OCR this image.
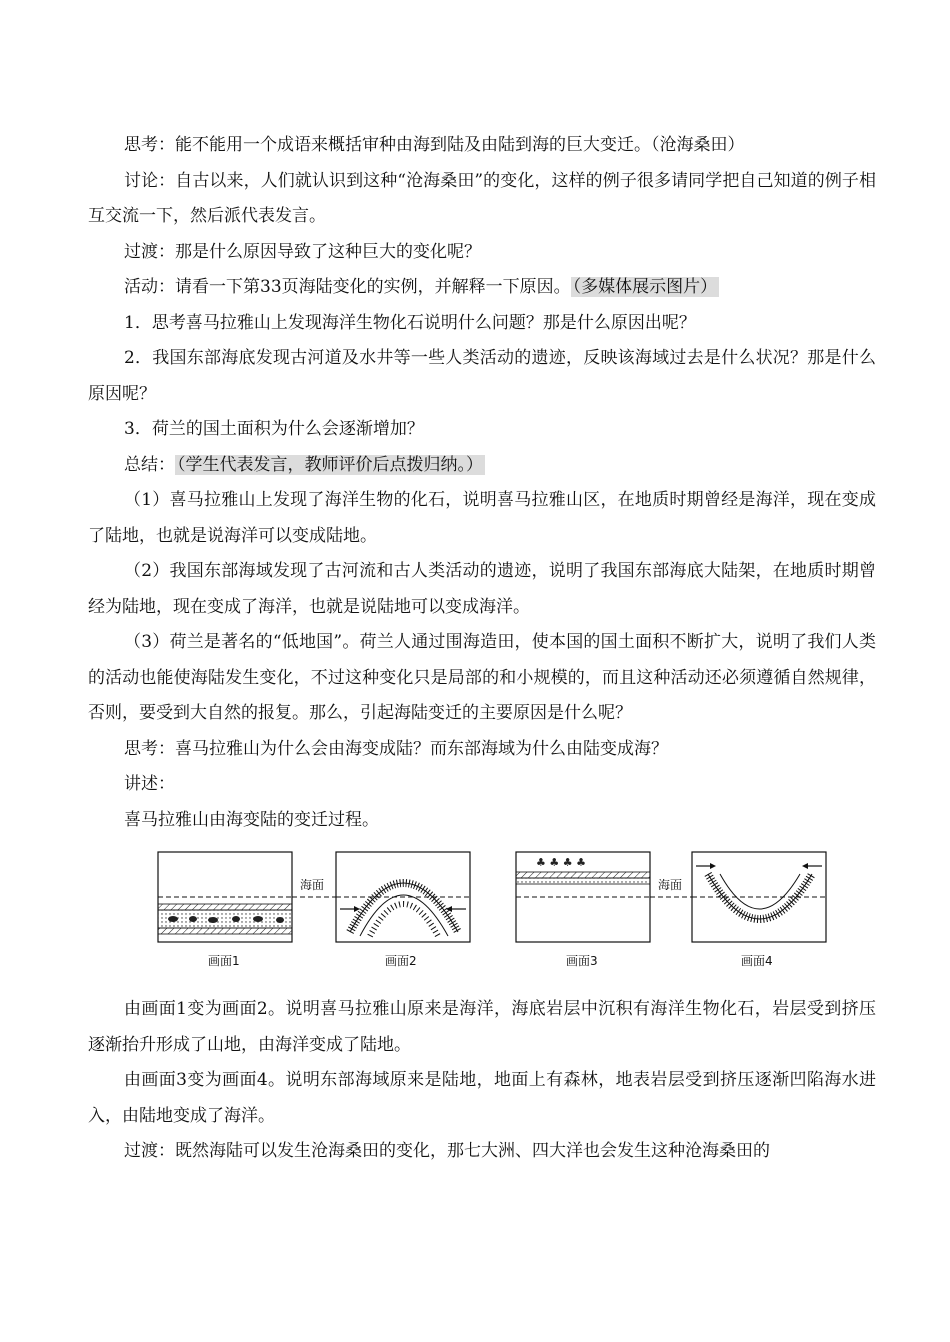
思考：能不能用一个成语来概括审种由海到陆及由陆到海的巨大变迁。（沧海桑田）

讨论：自古以来，人们就认识到这种“沧海桑田”的变化，这样的例子很多请同学把自己知道的例子相互交流一下，然后派代表发言。

过渡：那是什么原因导致了这种巨大的变化呢？

活动：请看一下第33页海陆变化的实例，并解释一下原因。 （多媒体展示图片）

1．思考喜马拉雅山上发现海洋生物化石说明什么问题？那是什么原因出呢？

2．我国东部海底发现古河道及水井等一些人类活动的遗迹，反映该海域过去是什么状况？那是什么原因呢？

3．荷兰的国土面积为什么会逐渐增加？

总结： （学生代表发言，教师评价后点拨归纳。）

（1）喜马拉雅山上发现了海洋生物的化石，说明喜马拉雅山区，在地质时期曾经是海洋，现在变成了陆地，也就是说海洋可以变成陆地。

（2）我国东部海域发现了古河流和古人类活动的遗迹，说明了我国东部海底大陆架，在地质时期曾经为陆地，现在变成了海洋，也就是说陆地可以变成海洋。

（3）荷兰是著名的“低地国”。荷兰人通过围海造田，使本国的国土面积不断扩大，说明了我们人类的活动也能使海陆发生变化，不过这种变化只是局部的和小规模的，而且这种活动还必须遵循自然规律，否则，要受到大自然的报复。那么，引起海陆变迁的主要原因是什么呢？

思考：喜马拉雅山为什么会由海变成陆？而东部海域为什么由陆变成海？

讲述：

喜马拉雅山由海变陆的变迁过程。

♣ ♣ ♣ ♣
海面	海面
画面1	画面2	画面3	画面4

由画面1变为画面2。说明喜马拉雅山原来是海洋，海底岩层中沉积有海洋生物化石，岩层受到挤压逐渐抬升形成了山地，由海洋变成了陆地。

由画面3变为画面4。说明东部海域原来是陆地，地面上有森林，地表岩层受到挤压逐渐凹陷海水进入，由陆地变成了海洋。

过渡：既然海陆可以发生沧海桑田的变化，那七大洲、四大洋也会发生这种沧海桑田的
